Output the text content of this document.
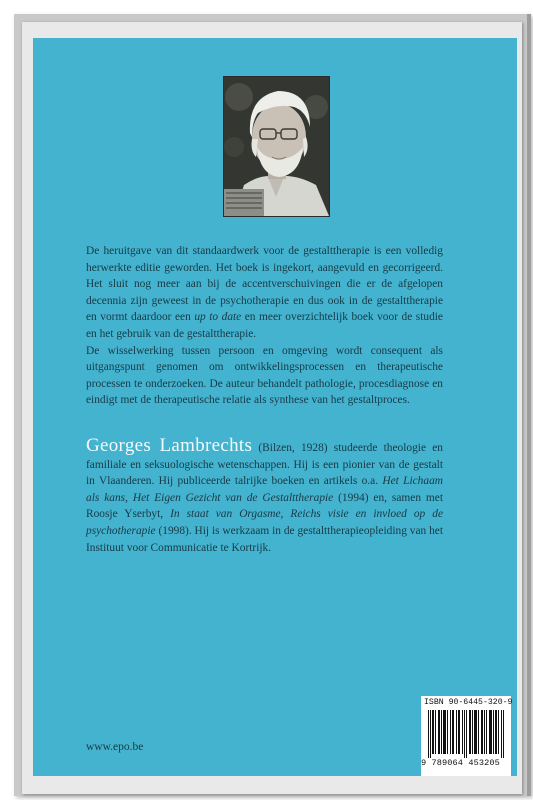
De heruitgave van dit standaardwerk voor de gestalttherapie is een volledig herwerkte editie geworden. Het boek is ingekort, aangevuld en gecorrigeerd. Het sluit nog meer aan bij de accentverschuivingen die er de afgelopen decennia zijn geweest in de psychotherapie en dus ook in de gestalttherapie en vormt daardoor een up to date en meer overzichtelijk boek voor de studie en het gebruik van de gestalttherapie.

De wisselwerking tussen persoon en omgeving wordt consequent als uitgangspunt genomen om ontwikkelingsprocessen en therapeutische processen te onderzoeken. De auteur behandelt pathologie, procesdiagnose en eindigt met de therapeutische relatie als synthese van het gestaltproces.

Georges Lambrechts (Bilzen, 1928) studeerde theologie en familiale en seksuologische wetenschappen. Hij is een pionier van de gestalt in Vlaanderen. Hij publiceerde talrijke boeken en artikels o.a. Het Lichaam als kans, Het Eigen Gezicht van de Gestalttherapie (1994) en, samen met Roosje Yserbyt, In staat van Orgasme, Reichs visie en invloed op de psychotherapie (1998). Hij is werkzaam in de gestalttherapieopleiding van het Instituut voor Communicatie te Kortrijk.
www.epo.be
ISBN 90-6445-320-9
9 789064 453205
